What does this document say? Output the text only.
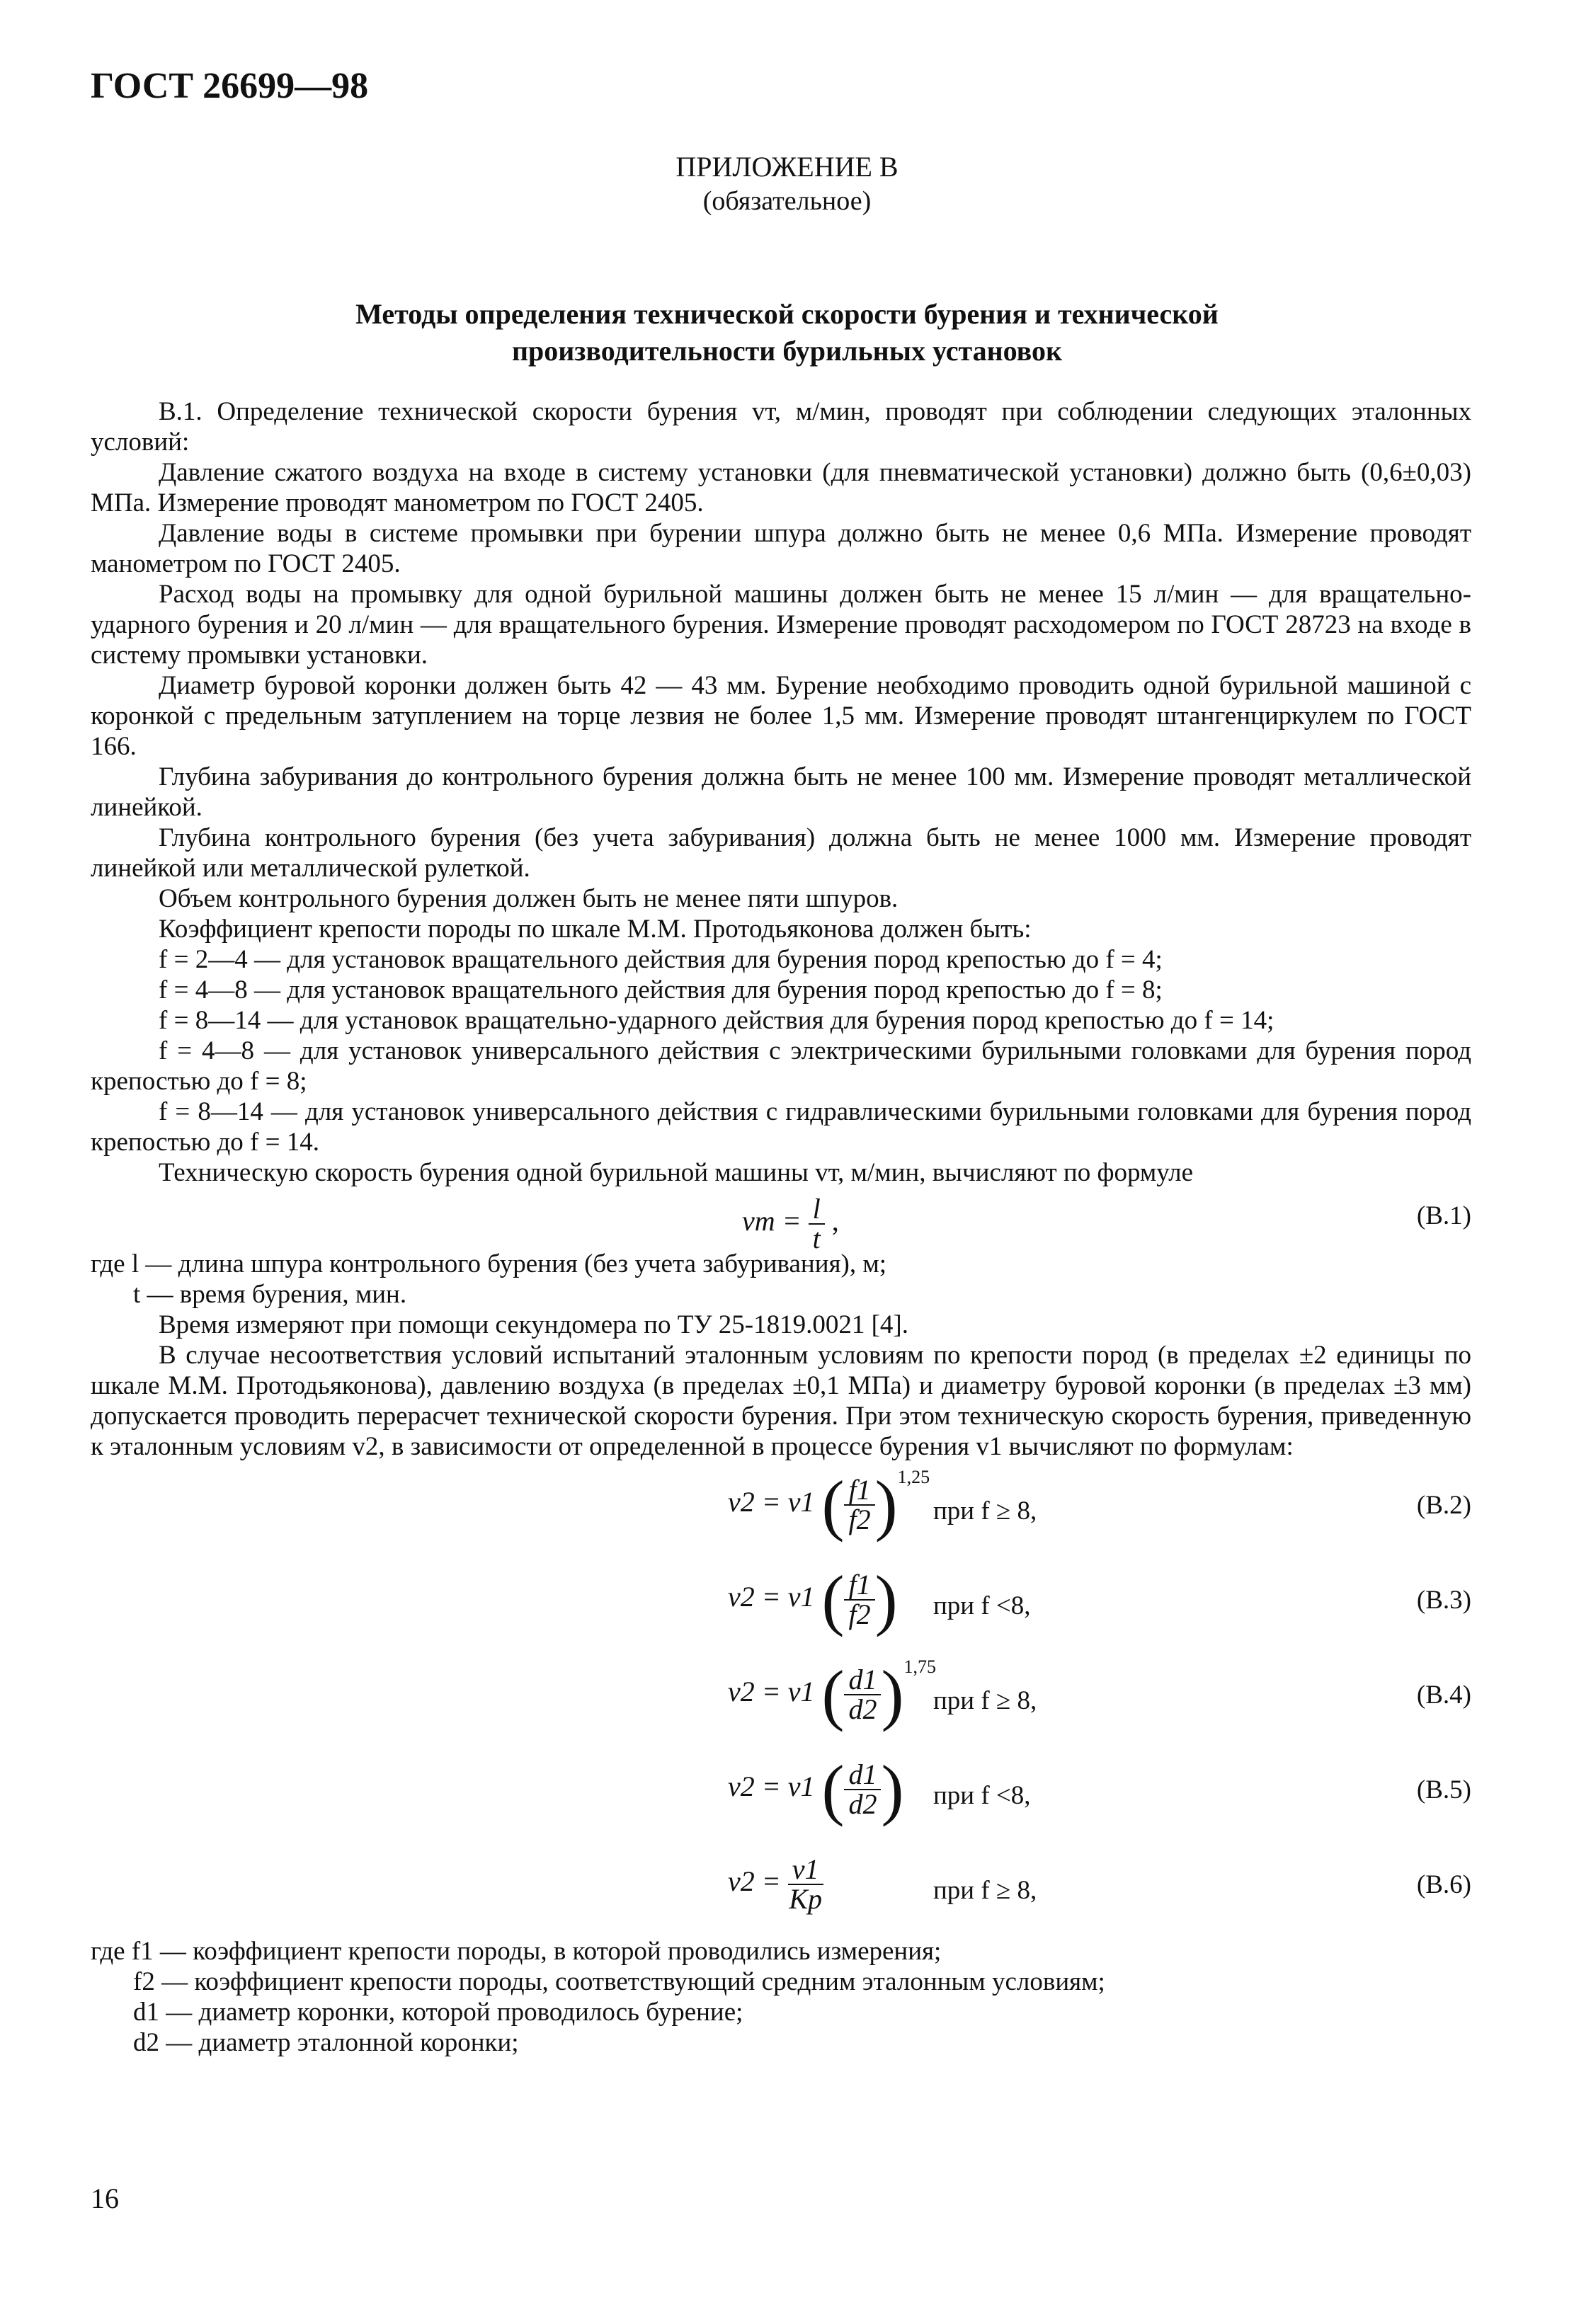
ГОСТ 26699—98
ПРИЛОЖЕНИЕ В
(обязательное)
Методы определения технической скорости бурения и технической
производительности бурильных установок

В.1. Определение технической скорости бурения vт, м/мин, проводят при соблюдении следующих эталонных условий:

Давление сжатого воздуха на входе в систему установки (для пневматической установки) должно быть (0,6±0,03) МПа. Измерение проводят манометром по ГОСТ 2405.

Давление воды в системе промывки при бурении шпура должно быть не менее 0,6 МПа. Измерение проводят манометром по ГОСТ 2405.

Расход воды на промывку для одной бурильной машины должен быть не менее 15 л/мин — для вращательно-ударного бурения и 20 л/мин — для вращательного бурения. Измерение проводят расходомером по ГОСТ 28723 на входе в систему промывки установки.

Диаметр буровой коронки должен быть 42 — 43 мм. Бурение необходимо проводить одной бурильной машиной с коронкой с предельным затуплением на торце лезвия не более 1,5 мм. Измерение проводят штангенциркулем по ГОСТ 166.

Глубина забуривания до контрольного бурения должна быть не менее 100 мм. Измерение проводят металлической линейкой.

Глубина контрольного бурения (без учета забуривания) должна быть не менее 1000 мм. Измерение проводят линейкой или металлической рулеткой.

Объем контрольного бурения должен быть не менее пяти шпуров.

Коэффициент крепости породы по шкале М.М. Протодьяконова должен быть:

f = 2—4 — для установок вращательного действия для бурения пород крепостью до f = 4;

f = 4—8 — для установок вращательного действия для бурения пород крепостью до f = 8;

f = 8—14 — для установок вращательно-ударного действия для бурения пород крепостью до f = 14;

f = 4—8 — для установок универсального действия с электрическими бурильными головками для бурения пород крепостью до f = 8;

f = 8—14 — для установок универсального действия с гидравлическими бурильными головками для бурения пород крепостью до f = 14.

Техническую скорость бурения одной бурильной машины vт, м/мин, вычисляют по формуле

vт = $\frac{l}{t}$ ,	(В.1)

где l — длина шпура контрольного бурения (без учета забуривания), м;

t — время бурения, мин.

Время измеряют при помощи секундомера по ТУ 25-1819.0021 [4].

В случае несоответствия условий испытаний эталонным условиям по крепости пород (в пределах ±2 единицы по шкале М.М. Протодьяконова), давлению воздуха (в пределах ±0,1 МПа) и диаметру буровой коронки (в пределах ±3 мм) допускается проводить перерасчет технической скорости бурения. При этом техническую скорость бурения, приведенную к эталонным условиям v2, в зависимости от определенной в процессе бурения v1 вычисляют по формулам:

v2 = v1 ( $\frac{f1}{f2} )^{1,25}$
при f ≥ 8,	(В.2)
v2 = v1 ( $\frac{f1}{f2}$ ) при f <8,	(В.3)
v2 = v1 ( $\frac{d1}{d2} )^{1,75}$
при f ≥ 8,	(В.4)
v2 = v1 ( $\frac{d1}{d2}$ ) при f <8,	(В.5)
$v2 = \frac{v1}{Kp}$	при f ≥ 8,	(В.6)

где f1 — коэффициент крепости породы, в которой проводились измерения;

f2 — коэффициент крепости породы, соответствующий средним эталонным условиям;

d1 — диаметр коронки, которой проводилось бурение;

d2 — диаметр эталонной коронки;

16
